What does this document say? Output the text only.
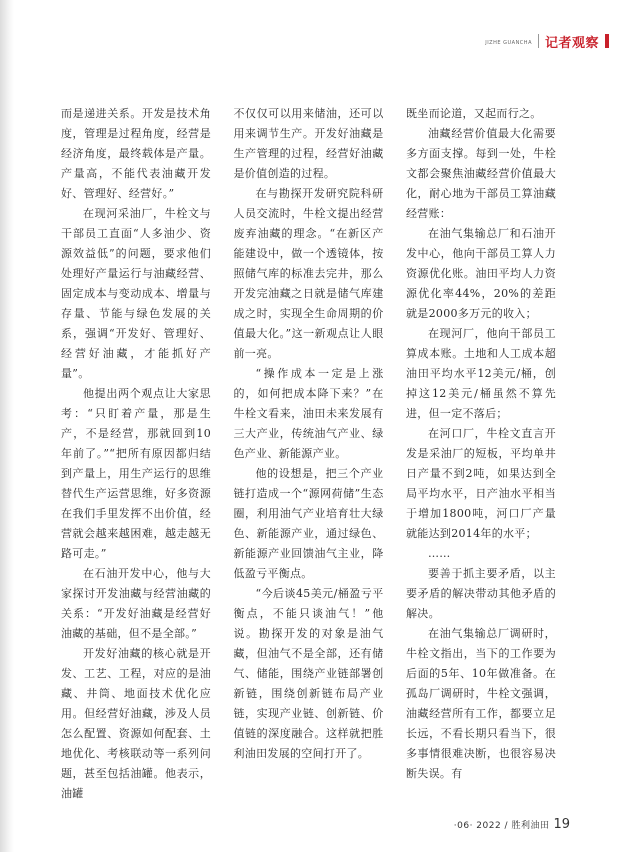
JIZHE GUANCHA 记者观察

而是递进关系。开发是技术角度，管理是过程角度，经营是经济角度，最终载体是产量。产量高，不能代表油藏开发好、管理好、经营好。”

在现河采油厂，牛栓文与干部员工直面“人多油少、资源效益低”的问题，要求他们处理好产量运行与油藏经营、固定成本与变动成本、增量与存量、节能与绿色发展的关系，强调“开发好、管理好、经营好油藏，才能抓好产量”。

他提出两个观点让大家思考：“只盯着产量，那是生产，不是经营，那就回到10年前了。”“把所有原因都归结到产量上，用生产运行的思维替代生产运营思维，好多资源在我们手里发挥不出价值，经营就会越来越困难，越走越无路可走。”

在石油开发中心，他与大家探讨开发油藏与经营油藏的关系：“开发好油藏是经营好油藏的基础，但不是全部。”

开发好油藏的核心就是开发、工艺、工程，对应的是油藏、井筒、地面技术优化应用。但经营好油藏，涉及人员怎么配置、资源如何配套、土地优化、考核联动等一系列问题，甚至包括油罐。他表示，油罐

不仅仅可以用来储油，还可以用来调节生产。开发好油藏是生产管理的过程，经营好油藏是价值创造的过程。

在与勘探开发研究院科研人员交流时，牛栓文提出经营废弃油藏的理念。“在新区产能建设中，做一个透镜体，按照储气库的标准去完井，那么开发完油藏之日就是储气库建成之时，实现全生命周期的价值最大化。”这一新观点让人眼前一亮。

“操作成本一定是上涨的，如何把成本降下来？”在牛栓文看来，油田未来发展有三大产业，传统油气产业、绿色产业、新能源产业。

他的设想是，把三个产业链打造成一个“源网荷储”生态圈，利用油气产业培育壮大绿色、新能源产业，通过绿色、新能源产业回馈油气主业，降低盈亏平衡点。

“今后谈45美元/桶盈亏平衡点，不能只谈油气！”他说。勘探开发的对象是油气藏，但油气不是全部，还有储气、储能，围绕产业链部署创新链，围绕创新链布局产业链，实现产业链、创新链、价值链的深度融合。这样就把胜利油田发展的空间打开了。

既坐而论道，又起而行之。

油藏经营价值最大化需要多方面支撑。每到一处，牛栓文都会聚焦油藏经营价值最大化，耐心地为干部员工算油藏经营账：

在油气集输总厂和石油开发中心，他向干部员工算人力资源优化账。油田平均人力资源优化率44%，20%的差距就是2000多万元的收入；

在现河厂，他向干部员工算成本账。土地和人工成本超油田平均水平12美元/桶，创掉这12美元/桶虽然不算先进，但一定不落后；

在河口厂，牛栓文直言开发是采油厂的短板，平均单井日产量不到2吨，如果达到全局平均水平，日产油水平相当于增加1800吨，河口厂产量就能达到2014年的水平；

……

要善于抓主要矛盾，以主要矛盾的解决带动其他矛盾的解决。

在油气集输总厂调研时，牛栓文指出，当下的工作要为后面的5年、10年做准备。在孤岛厂调研时，牛栓文强调，油藏经营所有工作，都要立足长远，不看长期只看当下，很多事情很难决断，也很容易决断失误。有

·06· 2022 / 胜利油田 19
